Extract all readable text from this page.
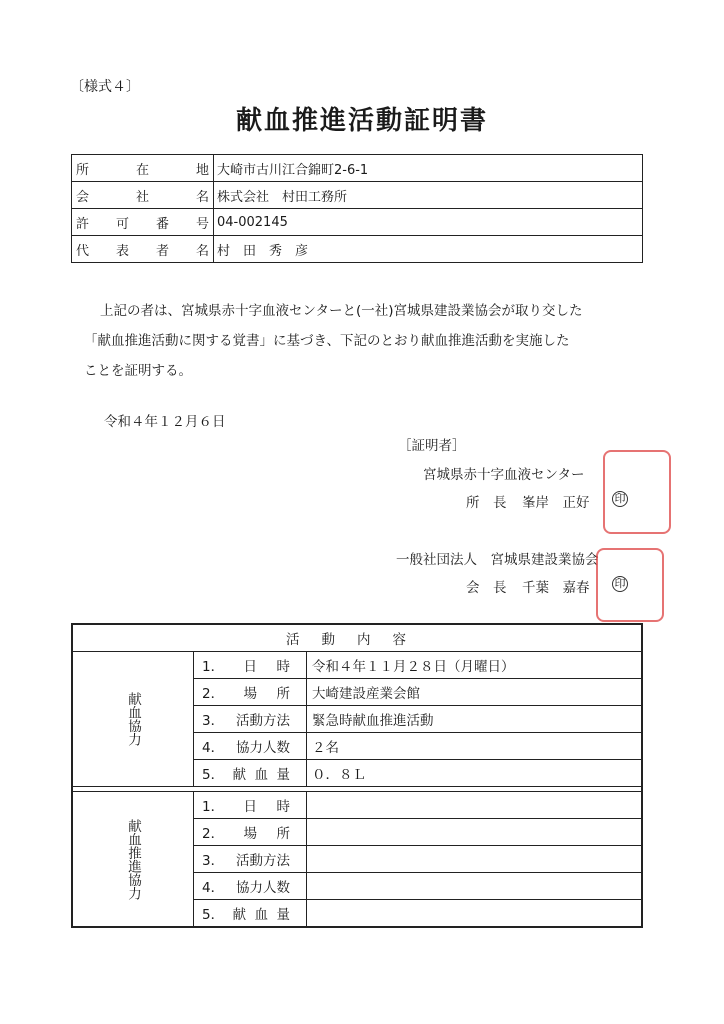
〔様式４〕
献血推進活動証明書
所 在 地	大崎市古川江合錦町2-6-1

会 社 名	株式会社　村田工務所

許 可 番 号	04-002145

代 表 者 名	村　田　秀　彦
上記の者は、宮城県赤十字血液センターと(一社)宮城県建設業協会が取り交した
「献血推進活動に関する覚書」に基づき、下記のとおり献血推進活動を実施した
ことを証明する。
令和４年１２月６日
［証明者］
宮城県赤十字血液センター
所　長 峯岸　正好 印
一般社団法人　宮城県建設業協会
会　長 千葉　嘉春 印
活動内容		
献血協力	1． 日 時	令和４年１１月２８日（月曜日）

	2． 場 所	大崎建設産業会館

	3． 活動方法	緊急時献血推進活動

	4． 協力人数	２名

	5． 献 血 量	０．８Ｌ

献血推進協力	1． 日 時	

	2． 場 所	

	3． 活動方法	

	4． 協力人数	

	5． 献 血 量	
